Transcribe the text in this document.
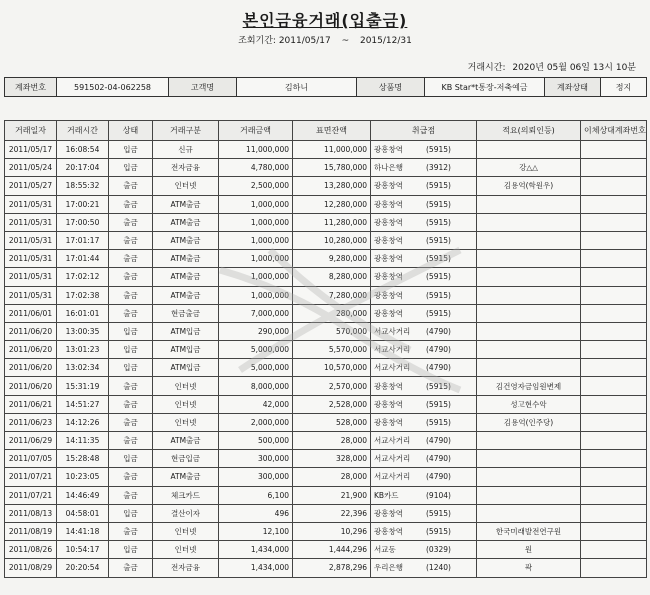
본인금융거래(입출금)
조회기간: 2011/05/17 ~ 2015/12/31
거래시간: 2020년 05월 06일 13시 10분
계좌번호	591502-04-062258	고객명	김하니	상품명	KB Star*t통장-저축예금	계좌상태	정지
거래일자	거래시간	상태	거래구분	거래금액	표면잔액	취급점	적요(의뢰인등)	이체상대계좌번호
2011/05/17	16:08:54	입금	신규	11,000,000	11,000,000	광흥창역 (5915)		
2011/05/24	20:17:04	입금	전자금융	4,780,000	15,780,000	하나은행 (3912)	강△△	
2011/05/27	18:55:32	출금	인터넷	2,500,000	13,280,000	광흥창역 (5915)	김용억(학원우)	
2011/05/31	17:00:21	출금	ATM출금	1,000,000	12,280,000	광흥창역 (5915)		
2011/05/31	17:00:50	출금	ATM출금	1,000,000	11,280,000	광흥창역 (5915)		
2011/05/31	17:01:17	출금	ATM출금	1,000,000	10,280,000	광흥창역 (5915)		
2011/05/31	17:01:44	출금	ATM출금	1,000,000	9,280,000	광흥창역 (5915)		
2011/05/31	17:02:12	출금	ATM출금	1,000,000	8,280,000	광흥창역 (5915)		
2011/05/31	17:02:38	출금	ATM출금	1,000,000	7,280,000	광흥창역 (5915)		
2011/06/01	16:01:01	출금	현금출금	7,000,000	280,000	광흥창역 (5915)		
2011/06/20	13:00:35	입금	ATM입금	290,000	570,000	서교사거리 (4790)		
2011/06/20	13:01:23	입금	ATM입금	5,000,000	5,570,000	서교사거리 (4790)		
2011/06/20	13:02:34	입금	ATM입금	5,000,000	10,570,000	서교사거리 (4790)		
2011/06/20	15:31:19	출금	인터넷	8,000,000	2,570,000	광흥창역 (5915)	김건영자금임원변제	
2011/06/21	14:51:27	출금	인터넷	42,000	2,528,000	광흥창역 (5915)	성고현수악	
2011/06/23	14:12:26	출금	인터넷	2,000,000	528,000	광흥창역 (5915)	김용억(인주당)	
2011/06/29	14:11:35	출금	ATM출금	500,000	28,000	서교사거리 (4790)		
2011/07/05	15:28:48	입금	현금입금	300,000	328,000	서교사거리 (4790)		
2011/07/21	10:23:05	출금	ATM출금	300,000	28,000	서교사거리 (4790)		
2011/07/21	14:46:49	출금	체크카드	6,100	21,900	KB카드 (9104)		
2011/08/13	04:58:01	입금	결산이자	496	22,396	광흥창역 (5915)		
2011/08/19	14:41:18	출금	인터넷	12,100	10,296	광흥창역 (5915)	한국미래발전연구원	
2011/08/26	10:54:17	입금	인터넷	1,434,000	1,444,296	서교동 (0329)	원	
2011/08/29	20:20:54	출금	전자금융	1,434,000	2,878,296	우리은행 (1240)	곽	
